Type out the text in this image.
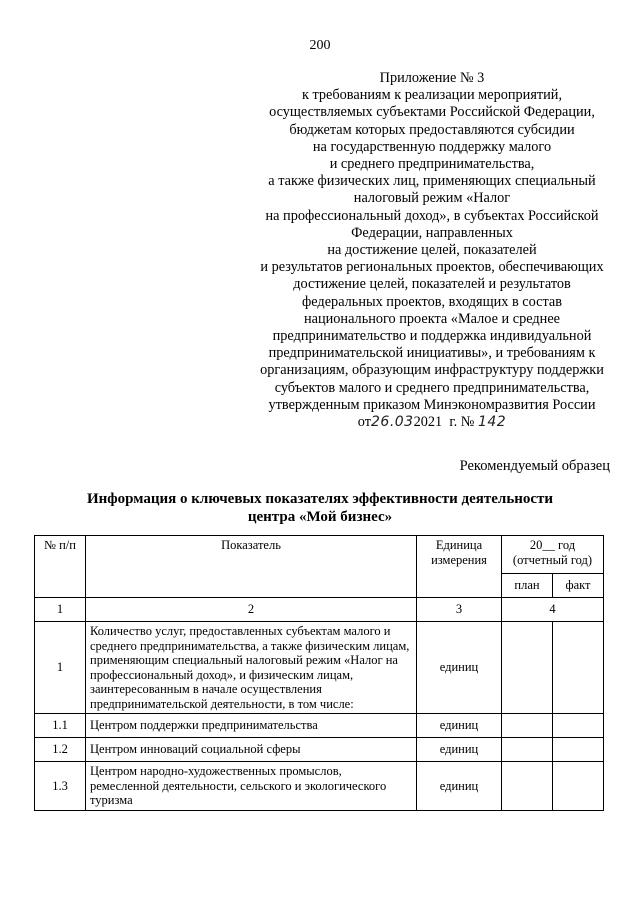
200
Приложение № 3
к требованиям к реализации мероприятий,
осуществляемых субъектами Российской Федерации,
бюджетам которых предоставляются субсидии
на государственную поддержку малого
и среднего предпринимательства,
а также физических лиц, применяющих специальный
налоговый режим «Налог
на профессиональный доход», в субъектах Российской
Федерации, направленных
на достижение целей, показателей
и результатов региональных проектов, обеспечивающих
достижение целей, показателей и результатов
федеральных проектов, входящих в состав
национального проекта «Малое и среднее
предпринимательство и поддержка индивидуальной
предпринимательской инициативы», и требованиям к
организациям, образующим инфраструктуру поддержки
субъектов малого и среднего предпринимательства,
утвержденным приказом Минэкономразвития России
от26.032021 г. № 142
Рекомендуемый образец
Информация о ключевых показателях эффективности деятельности
центра «Мой бизнес»
№ п/п	Показатель	Единица измерения	20__ год (отчетный год)	
			план	факт
1	2	3	4	
1	Количество услуг, предоставленных субъектам малого и среднего предпринимательства, а также физическим лицам, применяющим специальный налоговый режим «Налог на профессиональный доход», и физическим лицам, заинтересованным в начале осуществления предпринимательской деятельности, в том числе:	единиц		
1.1	Центром поддержки предпринимательства	единиц		
1.2	Центром инноваций социальной сферы	единиц		
1.3	Центром народно-художественных промыслов, ремесленной деятельности, сельского и экологического туризма	единиц		
